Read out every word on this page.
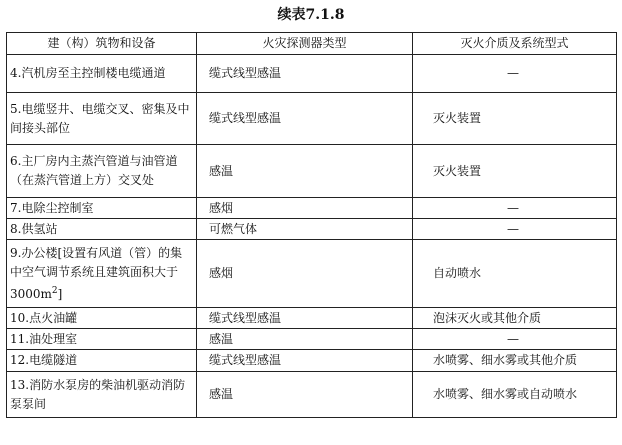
续表7.1.8
建（构）筑物和设备	火灾探测器类型	灭火介质及系统型式
4.汽机房至主控制楼电缆通道	缆式线型感温	—
5.电缆竖井、电缆交叉、密集及中间接头部位	缆式线型感温	灭火装置
6.主厂房内主蒸汽管道与油管道（在蒸汽管道上方）交叉处	感温	灭火装置
7.电除尘控制室	感烟	—
8.供氢站	可燃气体	—
9.办公楼[设置有风道（管）的集中空气调节系统且建筑面积大于$3000m^2$]	感烟	自动喷水
10.点火油罐	缆式线型感温	泡沫灭火或其他介质
11.油处理室	感温	—
12.电缆隧道	缆式线型感温	水喷雾、细水雾或其他介质
13.消防水泵房的柴油机驱动消防泵泵间	感温	水喷雾、细水雾或自动喷水
